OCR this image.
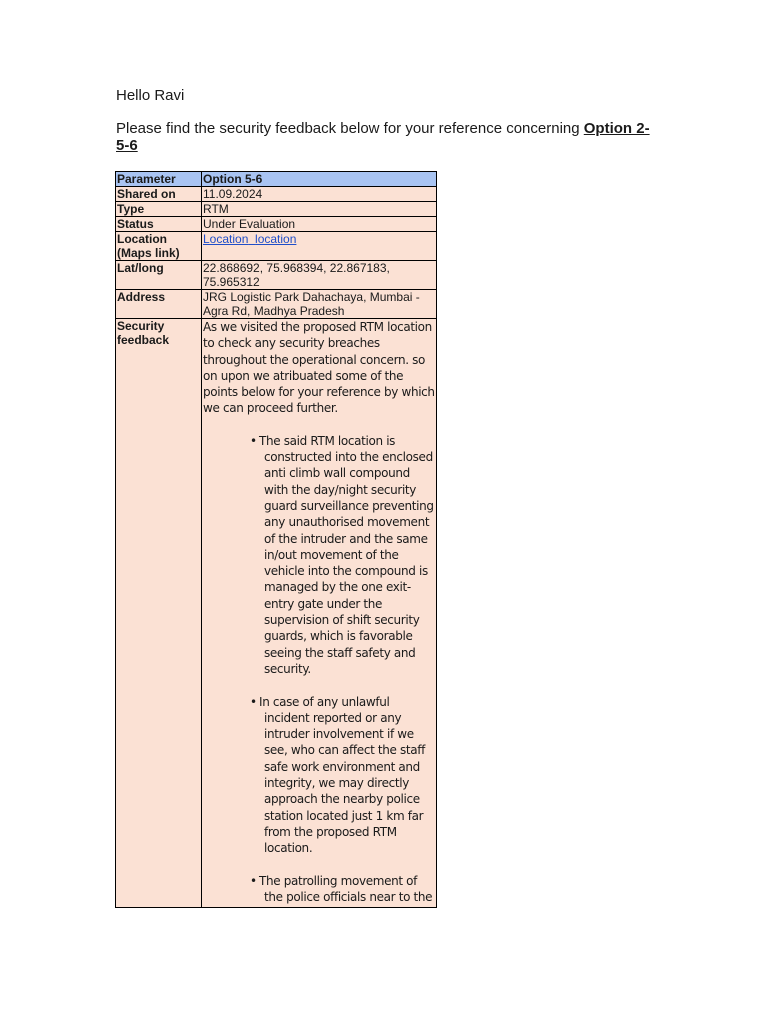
Hello Ravi
Please find the security feedback below for your reference concerning Option 2-5-6
Parameter	Option 5-6
Shared on	11.09.2024
Type	RTM
Status	Under Evaluation
Location (Maps link)	Location location
Lat/long	22.868692, 75.968394, 22.867183, 75.965312
Address	JRG Logistic Park Dahachaya, Mumbai - Agra Rd, Madhya Pradesh
Security feedback	As we visited the proposed RTM location to check any security breaches throughout the operational concern. so on upon we atribuated some of the points below for your reference by which we can proceed further.
• The said RTM location is constructed into the enclosed anti climb wall compound with the day/night security guard surveillance preventing any unauthorised movement of the intruder and the same in/out movement of the vehicle into the compound is managed by the one exit-entry gate under the supervision of shift security guards, which is favorable seeing the staff safety and security.
• In case of any unlawful incident reported or any intruder involvement if we see, who can affect the staff safe work environment and integrity, we may directly approach the nearby police station located just 1 km far from the proposed RTM location.
• The patrolling movement of the police officials near to the
